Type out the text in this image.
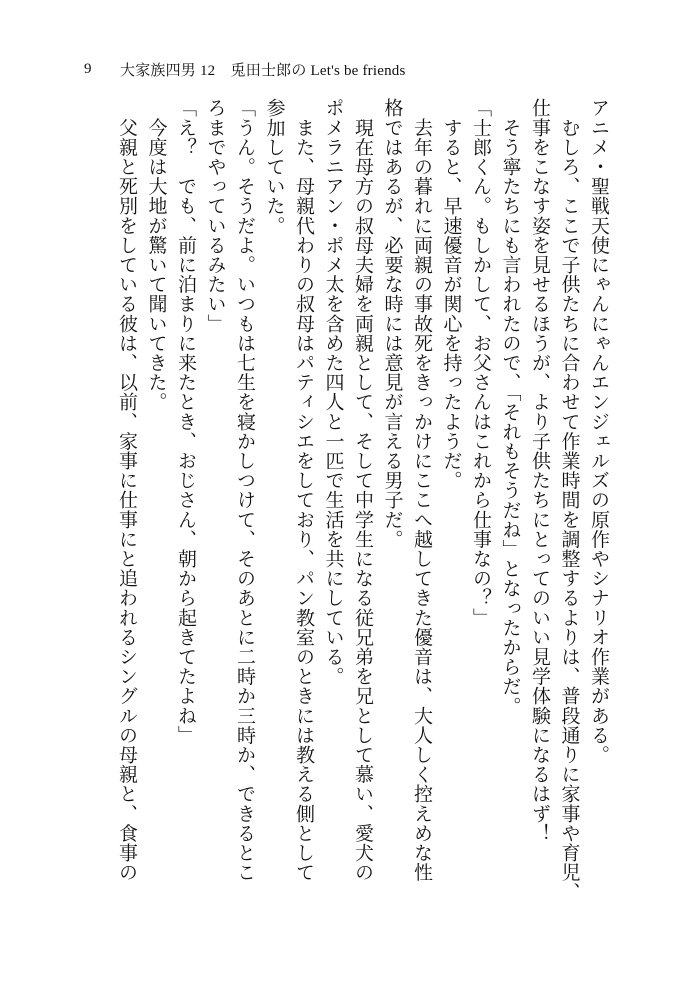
9	大家族四男 12　兎田士郎の Let's be friends

アニメ・聖戦天使にゃんにゃんエンジェルズの原作やシナリオ作業がある。

　むしろ、ここで子供たちに合わせて作業時間を調整するよりは、普段通りに家事や育児、

仕事をこなす姿を見せるほうが、より子供たちにとってのいい見学体験になるはず！

　そう寧たちにも言われたので、「それもそうだね」となったからだ。

「士郎くん。もしかして、お父さんはこれから仕事なの？」

　すると、早速優音が関心を持ったようだ。

　去年の暮れに両親の事故死をきっかけにここへ越してきた優音は、大人しく控えめな性

格ではあるが、必要な時には意見が言える男子だ。

　現在母方の叔母夫婦を両親として、そして中学生になる従兄弟を兄として慕い、愛犬の

ポメラニアン・ポメ太を含めた四人と一匹で生活を共にしている。

　また、母親代わりの叔母はパティシエをしており、パン教室のときには教える側として

参加していた。

「うん。そうだよ。いつもは七生を寝かしつけて、そのあとに二時か三時か、できるとこ

ろまでやっているみたい」

「え？　でも、前に泊まりに来たとき、おじさん、朝から起きてたよね」

　今度は大地が驚いて聞いてきた。

　父親と死別をしている彼は、以前、家事に仕事にと追われるシングルの母親と、食事の
